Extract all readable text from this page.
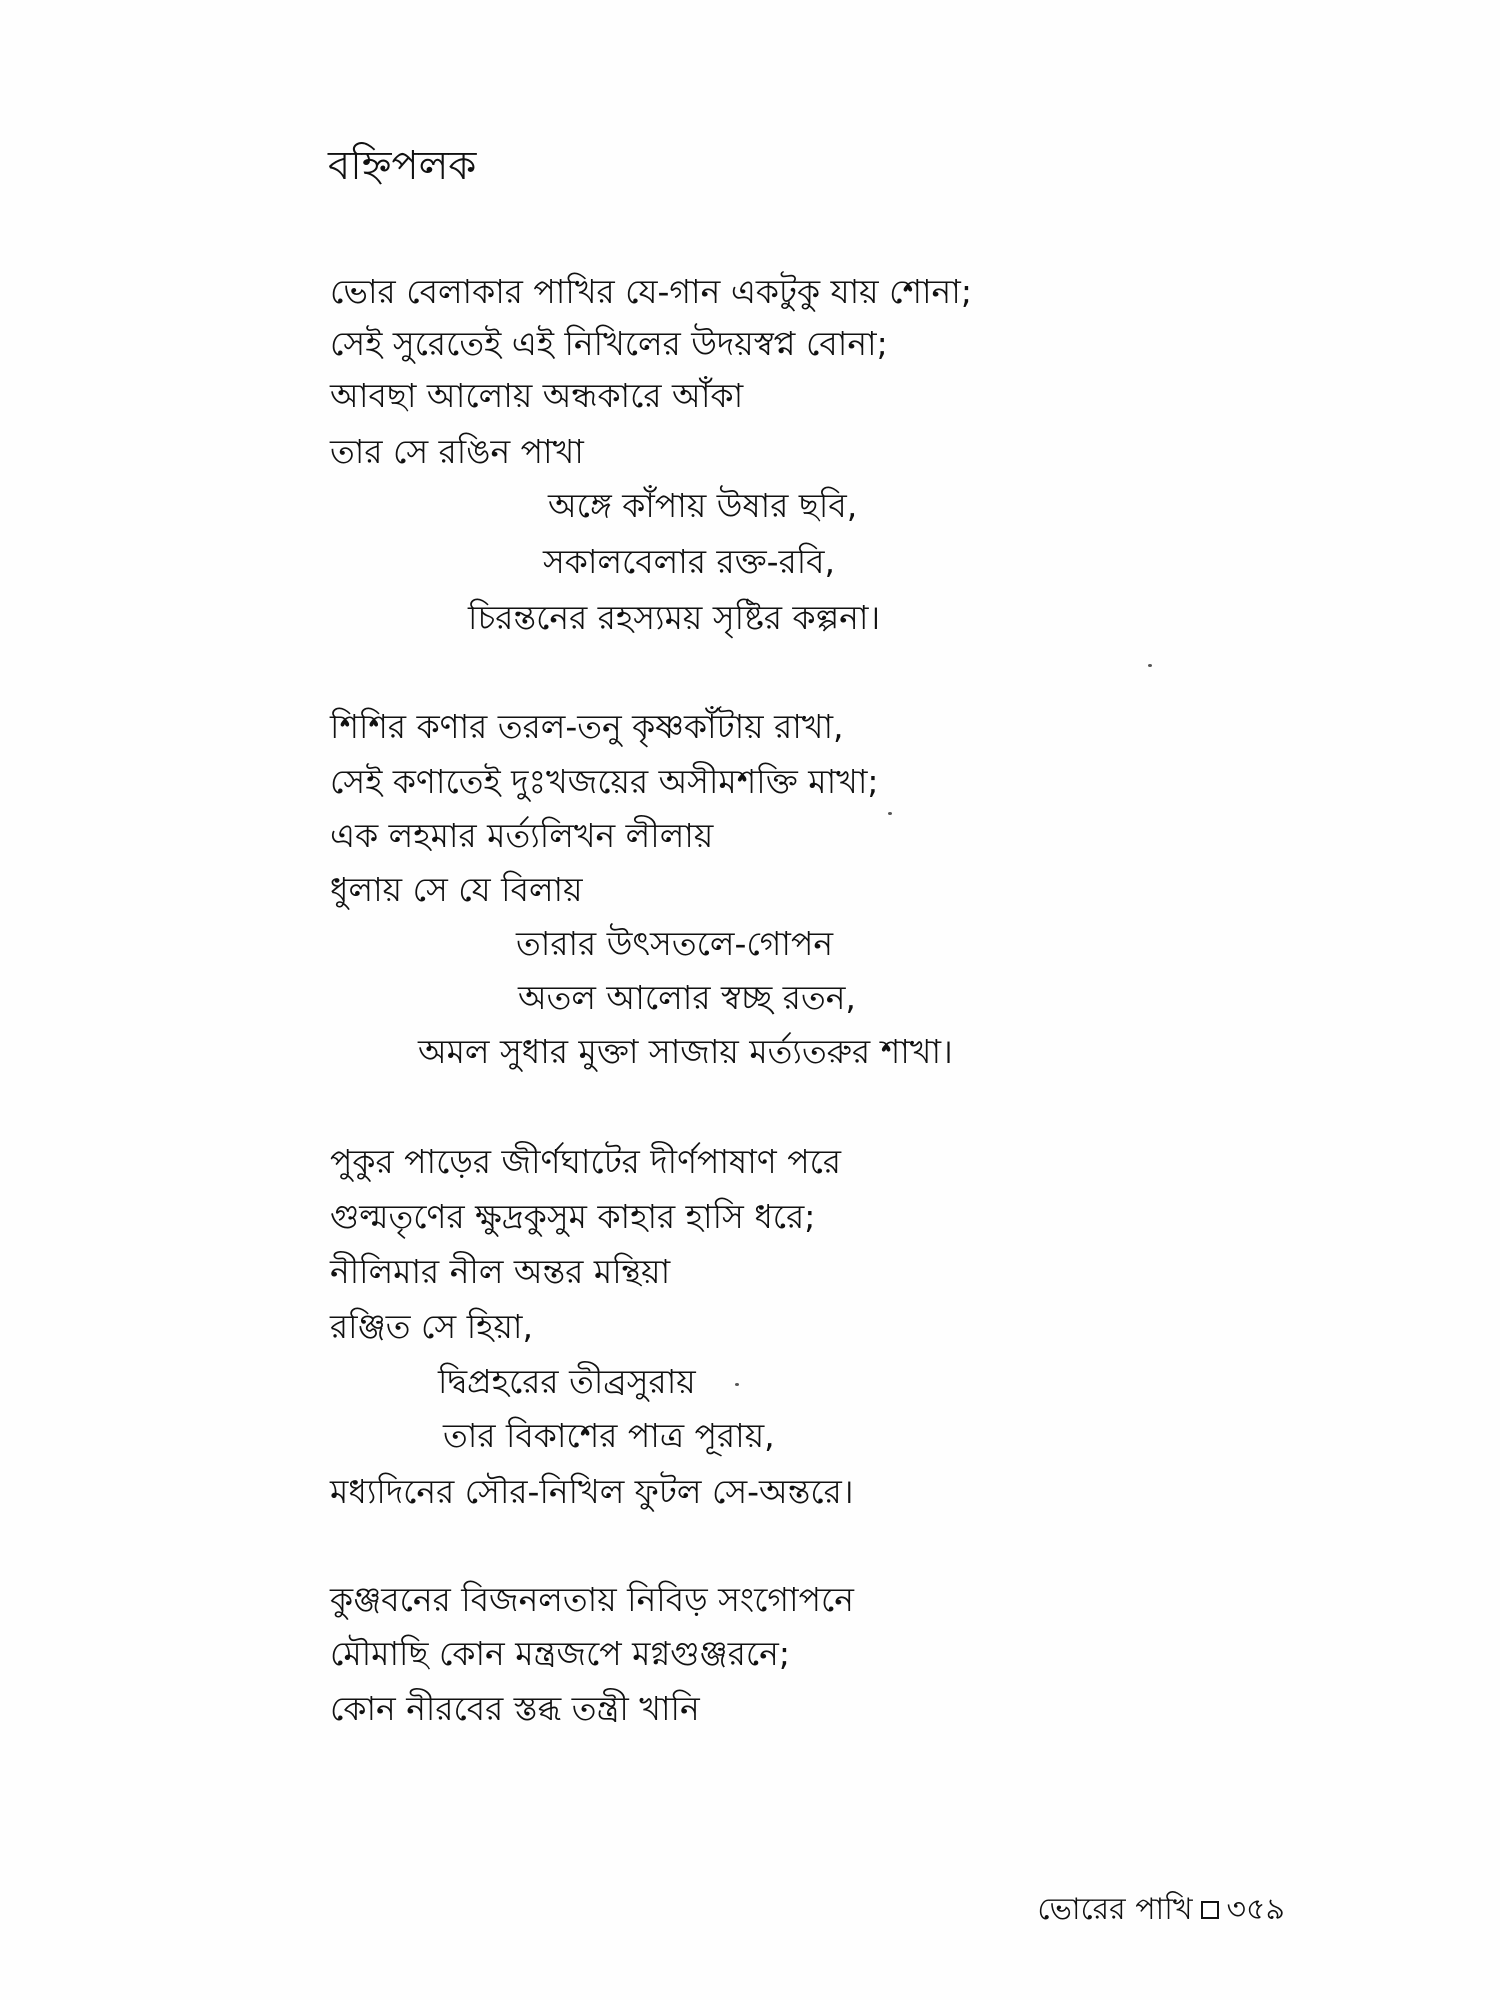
বহ্নিপলক
ভোর বেলাকার পাখির যে-গান একটুকু যায় শোনা;
সেই সুরেতেই এই নিখিলের উদয়স্বপ্ন বোনা;
আবছা আলোয় অন্ধকারে আঁকা
তার সে রঙিন পাখা
অঙ্গে কাঁপায় উষার ছবি,
সকালবেলার রক্ত-রবি,
চিরন্তনের রহস্যময় সৃষ্টির কল্পনা।
শিশির কণার তরল-তনু কৃষ্ণকাঁটায় রাখা,
সেই কণাতেই দুঃখজয়ের অসীমশক্তি মাখা;
এক লহমার মর্ত্যলিখন লীলায়
ধুলায় সে যে বিলায়
তারার উৎসতলে-গোপন
অতল আলোর স্বচ্ছ রতন,
অমল সুধার মুক্তা সাজায় মর্ত্যতরুর শাখা।
পুকুর পাড়ের জীর্ণঘাটের দীর্ণপাষাণ পরে
গুল্মতৃণের ক্ষুদ্রকুসুম কাহার হাসি ধরে;
নীলিমার নীল অন্তর মন্থিয়া
রঞ্জিত সে হিয়া,
দ্বিপ্রহরের তীব্রসুরায়
তার বিকাশের পাত্র পূরায়,
মধ্যদিনের সৌর-নিখিল ফুটল সে-অন্তরে।
কুঞ্জবনের বিজনলতায় নিবিড় সংগোপনে
মৌমাছি কোন মন্ত্রজপে মগ্নগুঞ্জরনে;
কোন নীরবের স্তব্ধ তন্ত্রী খানি
ভোরের পাখি ৩৫৯
